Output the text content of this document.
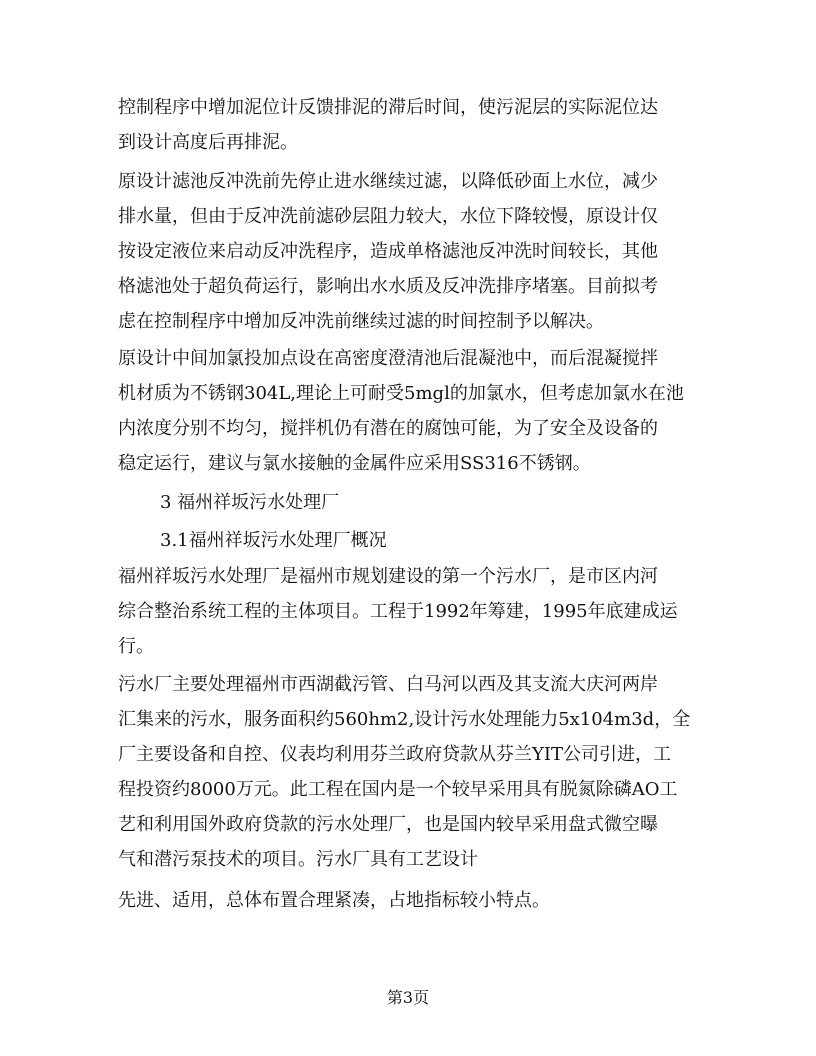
控制程序中增加泥位计反馈排泥的滞后时间，使污泥层的实际泥位达
到设计高度后再排泥。
原设计滤池反冲洗前先停止进水继续过滤，以降低砂面上水位，减少
排水量，但由于反冲洗前滤砂层阻力较大，水位下降较慢，原设计仅
按设定液位来启动反冲洗程序，造成单格滤池反冲洗时间较长，其他
格滤池处于超负荷运行，影响出水水质及反冲洗排序堵塞。目前拟考
虑在控制程序中增加反冲洗前继续过滤的时间控制予以解决。
原设计中间加氯投加点设在高密度澄清池后混凝池中，而后混凝搅拌
机材质为不锈钢304L,理论上可耐受5mgl的加氯水，但考虑加氯水在池
内浓度分别不均匀，搅拌机仍有潜在的腐蚀可能，为了安全及设备的
稳定运行，建议与氯水接触的金属件应采用SS316不锈钢。
3 福州祥坂污水处理厂
3.1福州祥坂污水处理厂概况
福州祥坂污水处理厂是福州市规划建设的第一个污水厂，是市区内河
综合整治系统工程的主体项目。工程于1992年筹建，1995年底建成运
行。
污水厂主要处理福州市西湖截污管、白马河以西及其支流大庆河两岸
汇集来的污水，服务面积约560hm2,设计污水处理能力5x104m3d，全
厂主要设备和自控、仪表均利用芬兰政府贷款从芬兰YIT公司引进，工
程投资约8000万元。此工程在国内是一个较早采用具有脱氮除磷AO工
艺和利用国外政府贷款的污水处理厂，也是国内较早采用盘式微空曝
气和潜污泵技术的项目。污水厂具有工艺设计
先进、适用，总体布置合理紧凑，占地指标较小特点。
第3页
